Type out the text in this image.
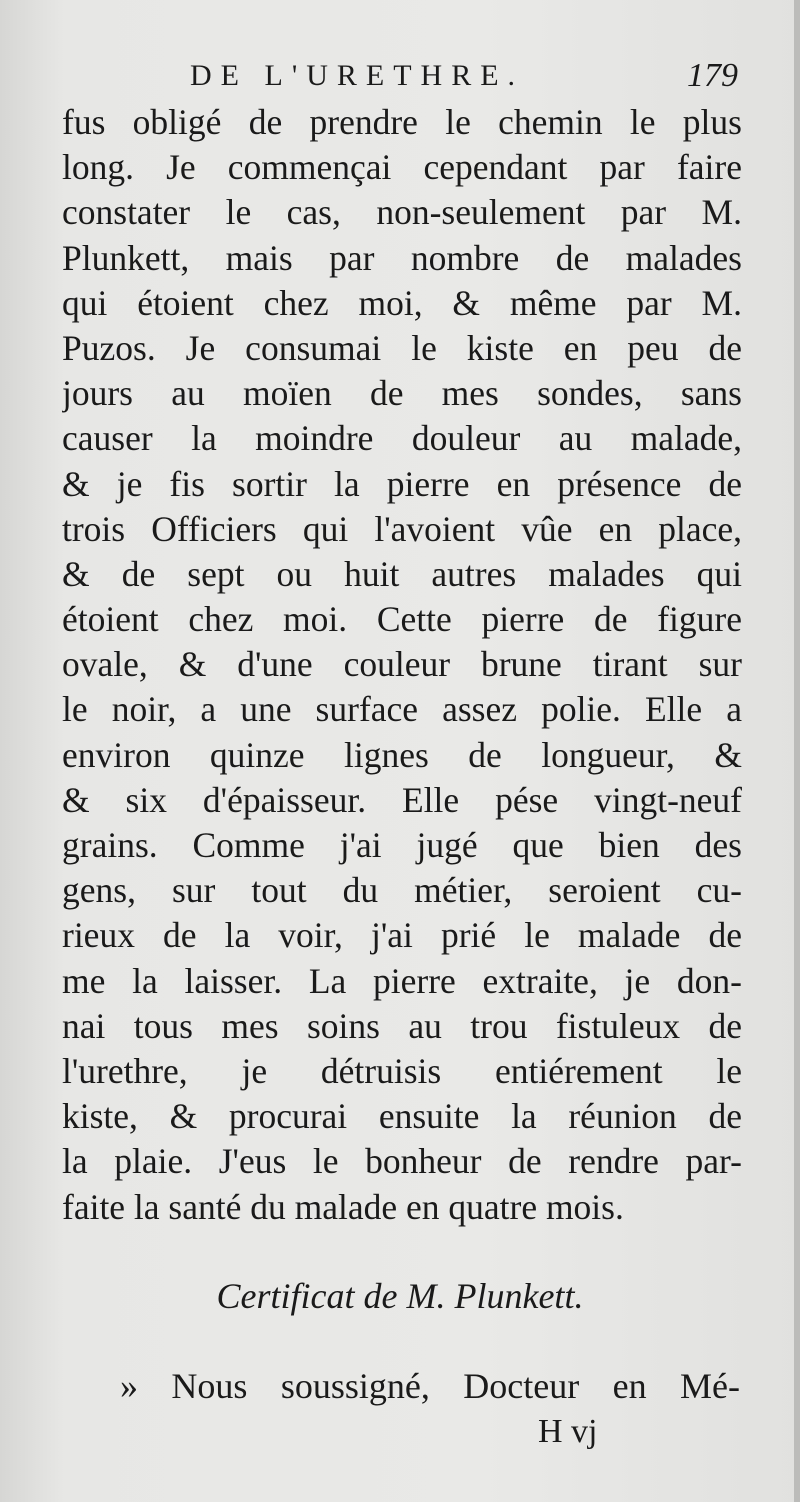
DE L'URETHRE.	179
fus obligé de prendre le chemin le plus
long. Je commençai cependant par faire
constater le cas, non-seulement par M.
Plunkett, mais par nombre de malades
qui étoient chez moi, & même par M.
Puzos. Je consumai le kiste en peu de
jours au moïen de mes sondes, sans
causer la moindre douleur au malade,
& je fis sortir la pierre en présence de
trois Officiers qui l'avoient vûe en place,
& de sept ou huit autres malades qui
étoient chez moi. Cette pierre de figure
ovale, & d'une couleur brune tirant sur
le noir, a une surface assez polie. Elle a
environ quinze lignes de longueur, &
& six d'épaisseur. Elle pése vingt-neuf
grains. Comme j'ai jugé que bien des
gens, sur tout du métier, seroient cu-
rieux de la voir, j'ai prié le malade de
me la laisser. La pierre extraite, je don-
nai tous mes soins au trou fistuleux de
l'urethre, je détruisis entiérement le
kiste, & procurai ensuite la réunion de
la plaie. J'eus le bonheur de rendre par-
faite la santé du malade en quatre mois.
Certificat de M. Plunkett.
» Nous soussigné, Docteur en Mé-
H vj
